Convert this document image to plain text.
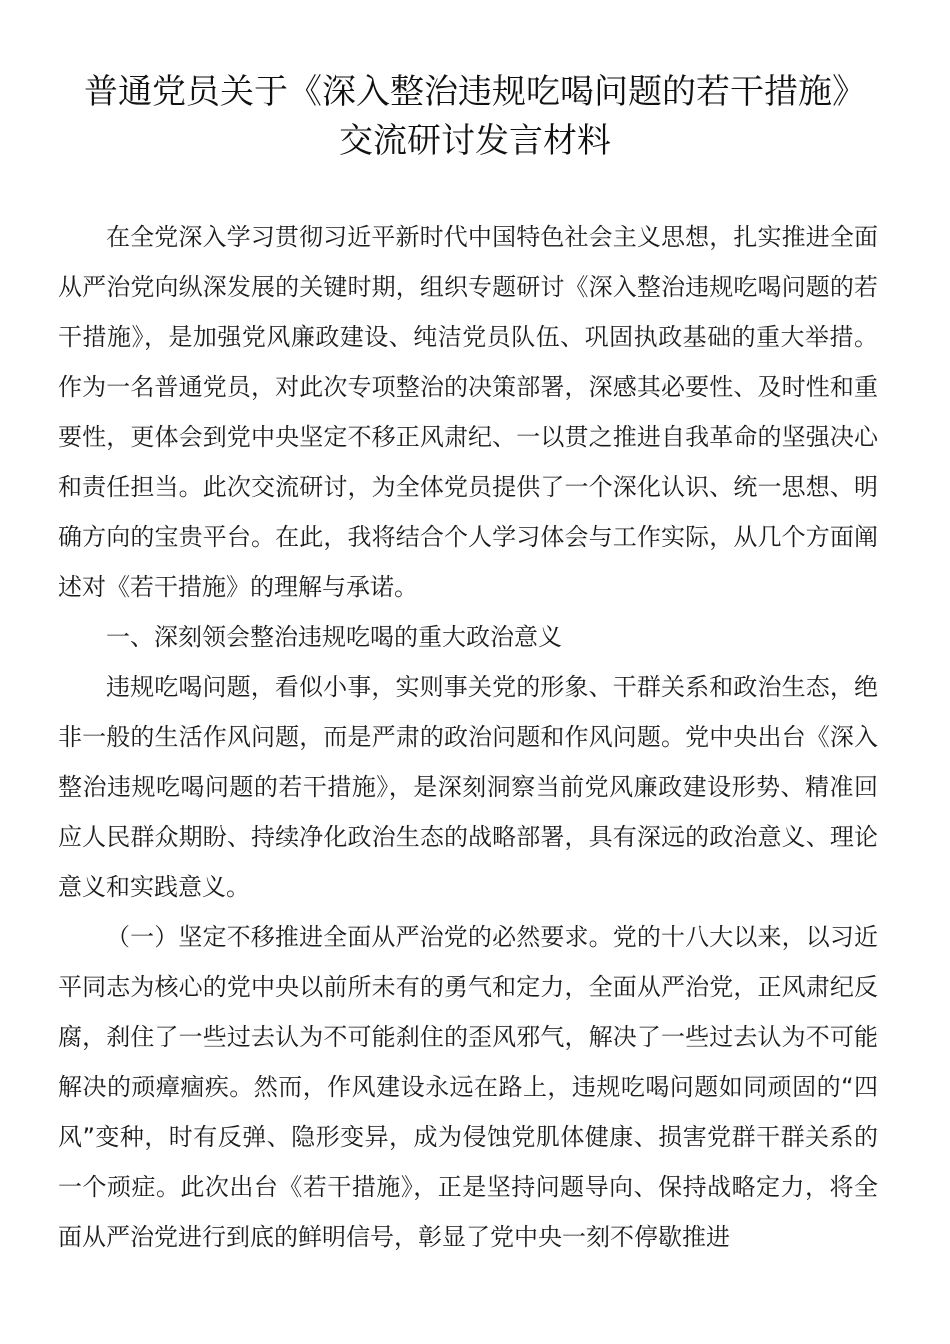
普通党员关于《深入整治违规吃喝问题的若干措施》
交流研讨发言材料

在全党深入学习贯彻习近平新时代中国特色社会主义思想，扎实推进全面从严治党向纵深发展的关键时期，组织专题研讨《深入整治违规吃喝问题的若干措施》，是加强党风廉政建设、纯洁党员队伍、巩固执政基础的重大举措。作为一名普通党员，对此次专项整治的决策部署，深感其必要性、及时性和重要性，更体会到党中央坚定不移正风肃纪、一以贯之推进自我革命的坚强决心和责任担当。此次交流研讨，为全体党员提供了一个深化认识、统一思想、明确方向的宝贵平台。在此，我将结合个人学习体会与工作实际，从几个方面阐述对《若干措施》的理解与承诺。

一、深刻领会整治违规吃喝的重大政治意义

违规吃喝问题，看似小事，实则事关党的形象、干群关系和政治生态，绝非一般的生活作风问题，而是严肃的政治问题和作风问题。党中央出台《深入整治违规吃喝问题的若干措施》，是深刻洞察当前党风廉政建设形势、精准回应人民群众期盼、持续净化政治生态的战略部署，具有深远的政治意义、理论意义和实践意义。

（一）坚定不移推进全面从严治党的必然要求。党的十八大以来，以习近平同志为核心的党中央以前所未有的勇气和定力，全面从严治党，正风肃纪反腐，刹住了一些过去认为不可能刹住的歪风邪气，解决了一些过去认为不可能解决的顽瘴痼疾。然而，作风建设永远在路上，违规吃喝问题如同顽固的“四风”变种，时有反弹、隐形变异，成为侵蚀党肌体健康、损害党群干群关系的一个顽症。此次出台《若干措施》，正是坚持问题导向、保持战略定力，将全面从严治党进行到底的鲜明信号，彰显了党中央一刻不停歇推进
